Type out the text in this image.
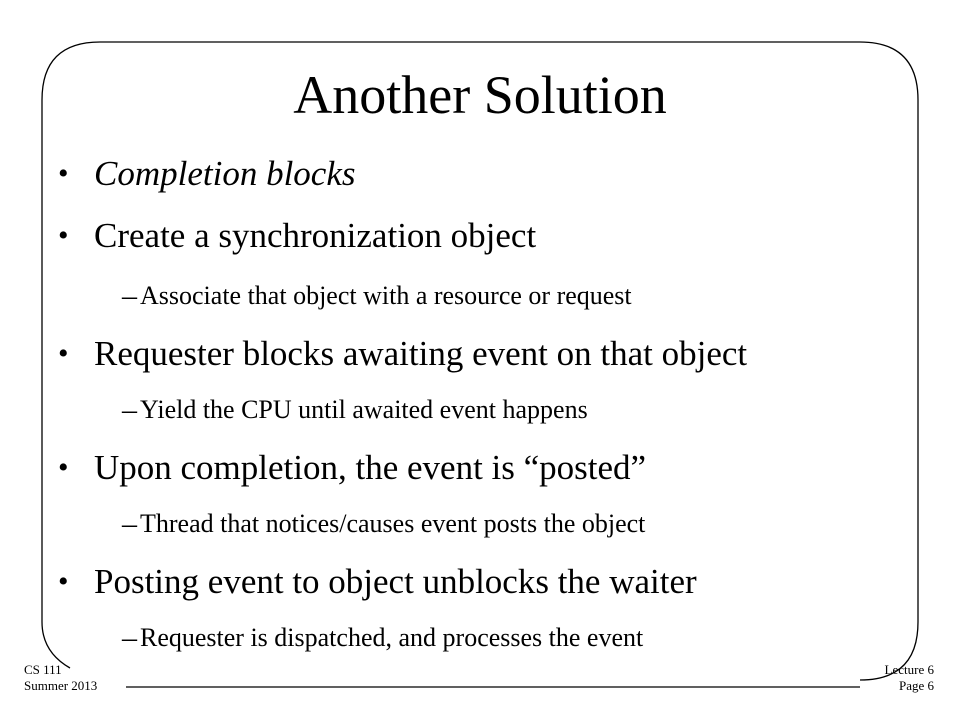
Another Solution
• Completion blocks
• Create a synchronization object
– Associate that object with a resource or request
• Requester blocks awaiting event on that object
– Yield the CPU until awaited event happens
• Upon completion, the event is “posted”
– Thread that notices/causes event posts the object
• Posting event to object unblocks the waiter
– Requester is dispatched, and processes the event
CS 111
Summer 2013
Lecture 6
Page 6
